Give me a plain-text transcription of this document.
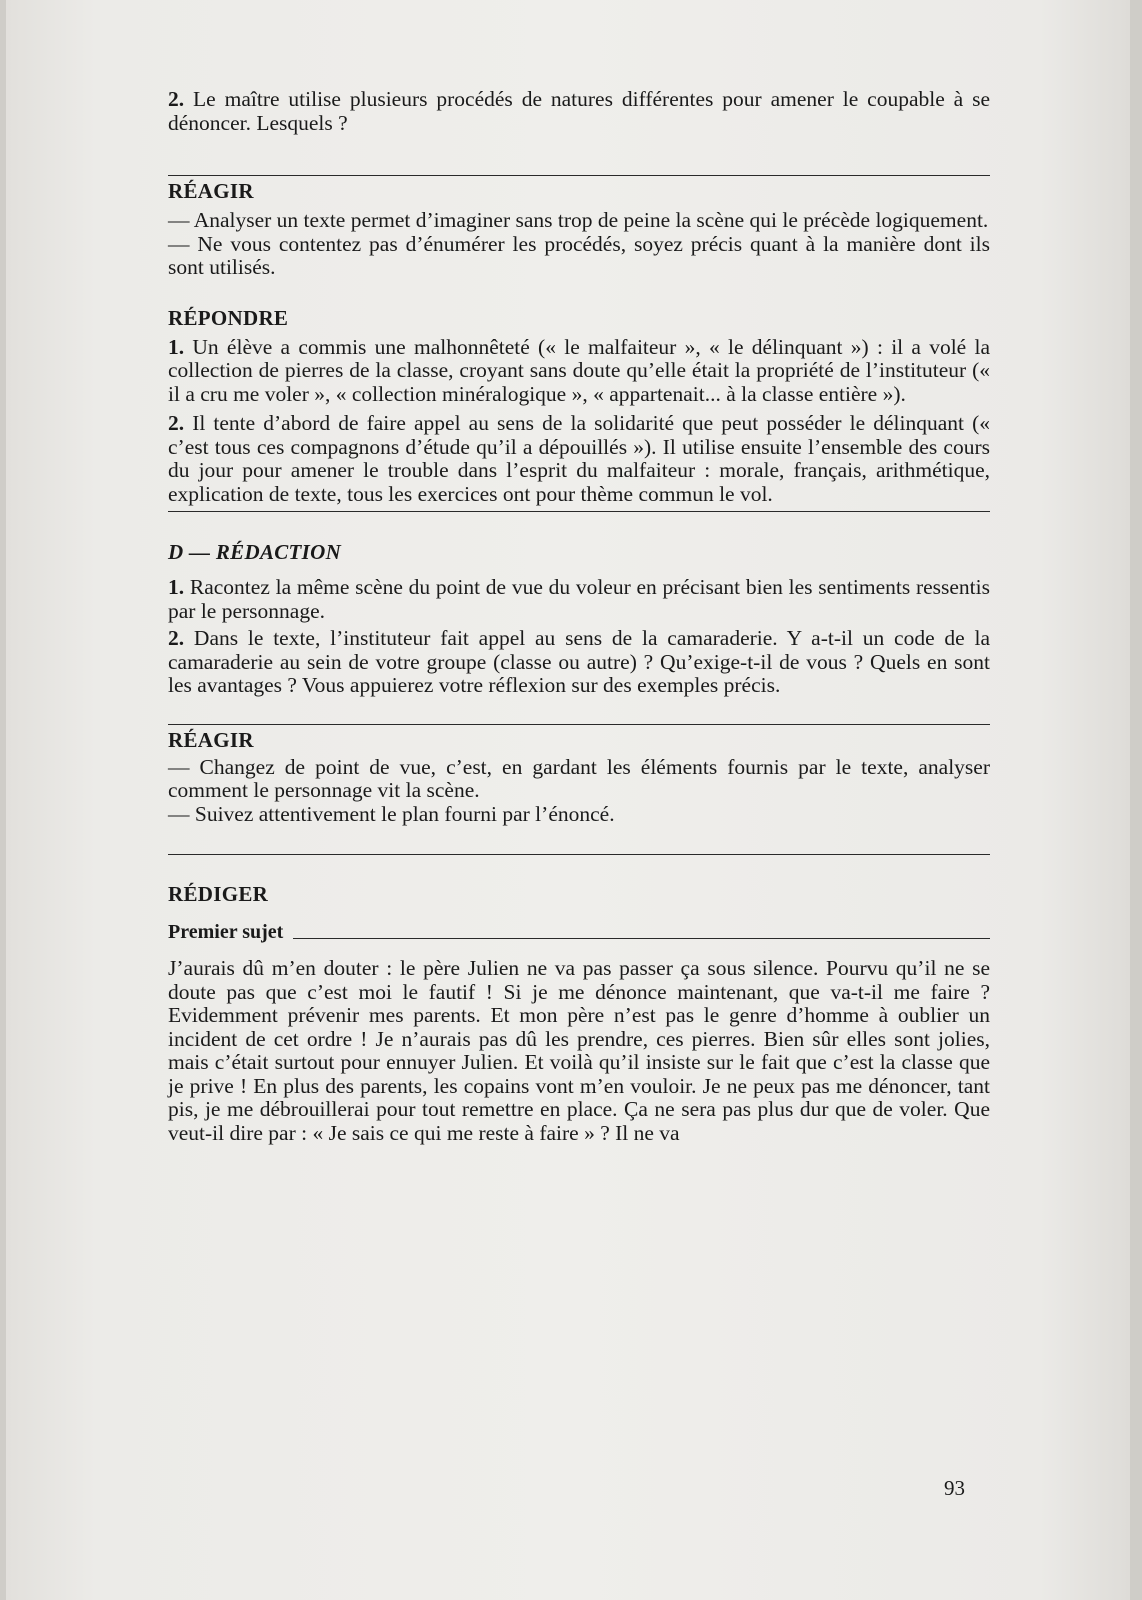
2. Le maître utilise plusieurs procédés de natures différentes pour amener le coupable à se dénoncer. Lesquels ?

RÉAGIR

— Analyser un texte permet d’imaginer sans trop de peine la scène qui le précède logiquement.

— Ne vous contentez pas d’énumérer les procédés, soyez précis quant à la manière dont ils sont utilisés.

RÉPONDRE

1. Un élève a commis une malhonnêteté (« le malfaiteur », « le délinquant ») : il a volé la collection de pierres de la classe, croyant sans doute qu’elle était la propriété de l’instituteur (« il a cru me voler », « collection minéralogique », « appartenait... à la classe entière »).

2. Il tente d’abord de faire appel au sens de la solidarité que peut posséder le délinquant (« c’est tous ces compagnons d’étude qu’il a dépouillés »). Il utilise ensuite l’ensemble des cours du jour pour amener le trouble dans l’esprit du malfaiteur : morale, français, arithmétique, explication de texte, tous les exercices ont pour thème commun le vol.

D — RÉDACTION

1. Racontez la même scène du point de vue du voleur en précisant bien les sentiments ressentis par le personnage.

2. Dans le texte, l’instituteur fait appel au sens de la camaraderie. Y a-t-il un code de la camaraderie au sein de votre groupe (classe ou autre) ? Qu’exige-t-il de vous ? Quels en sont les avantages ? Vous appuierez votre réflexion sur des exemples précis.

RÉAGIR

— Changez de point de vue, c’est, en gardant les éléments fournis par le texte, analyser comment le personnage vit la scène.

— Suivez attentivement le plan fourni par l’énoncé.

RÉDIGER
Premier sujet

J’aurais dû m’en douter : le père Julien ne va pas passer ça sous silence. Pourvu qu’il ne se doute pas que c’est moi le fautif ! Si je me dénonce maintenant, que va-t-il me faire ? Evidemment prévenir mes parents. Et mon père n’est pas le genre d’homme à oublier un incident de cet ordre ! Je n’aurais pas dû les prendre, ces pierres. Bien sûr elles sont jolies, mais c’était surtout pour ennuyer Julien. Et voilà qu’il insiste sur le fait que c’est la classe que je prive ! En plus des parents, les copains vont m’en vouloir. Je ne peux pas me dénoncer, tant pis, je me débrouillerai pour tout remettre en place. Ça ne sera pas plus dur que de voler. Que veut-il dire par : « Je sais ce qui me reste à faire » ? Il ne va

93
